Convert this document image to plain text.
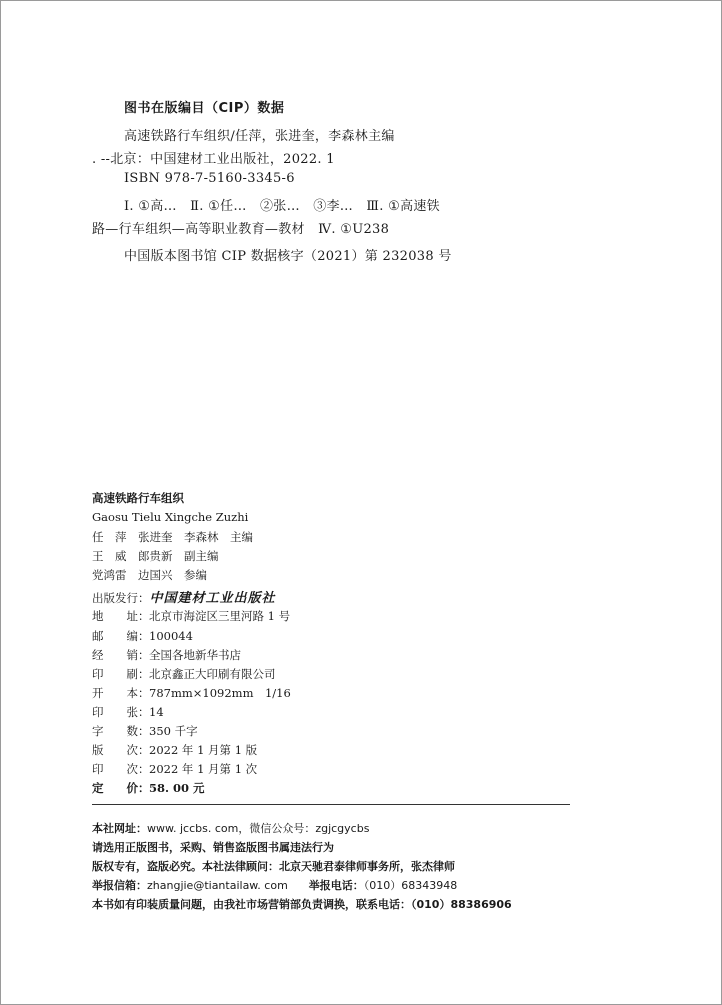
图书在版编目（CIP）数据
高速铁路行车组织/任萍，张进奎，李森林主编
. --北京：中国建材工业出版社，2022. 1
ISBN 978-7-5160-3345-6
Ⅰ. ①高…　Ⅱ. ①任…　②张…　③李…　Ⅲ. ①高速铁
路—行车组织—高等职业教育—教材　Ⅳ. ①U238
中国版本图书馆 CIP 数据核字（2021）第 232038 号
高速铁路行车组织
Gaosu Tielu Xingche Zuzhi
任　萍　张进奎　李森林　主编
王　威　郎贵新　副主编
党鸿雷　边国兴　参编
出版发行：中国建材工业出版社
地　　址：北京市海淀区三里河路 1 号
邮　　编：100044
经　　销：全国各地新华书店
印　　刷：北京鑫正大印刷有限公司
开　　本：787mm×1092mm　1/16
印　　张：14
字　　数：350 千字
版　　次：2022 年 1 月第 1 版
印　　次：2022 年 1 月第 1 次
定　　价：58. 00 元
本社网址：www. jccbs. com，微信公众号：zgjcgycbs
请选用正版图书，采购、销售盗版图书属违法行为
版权专有，盗版必究。本社法律顾问：北京天驰君泰律师事务所，张杰律师
举报信箱：zhangjie@tiantailaw. com 举报电话：（010）68343948
本书如有印装质量问题，由我社市场营销部负责调换，联系电话：（010）88386906
